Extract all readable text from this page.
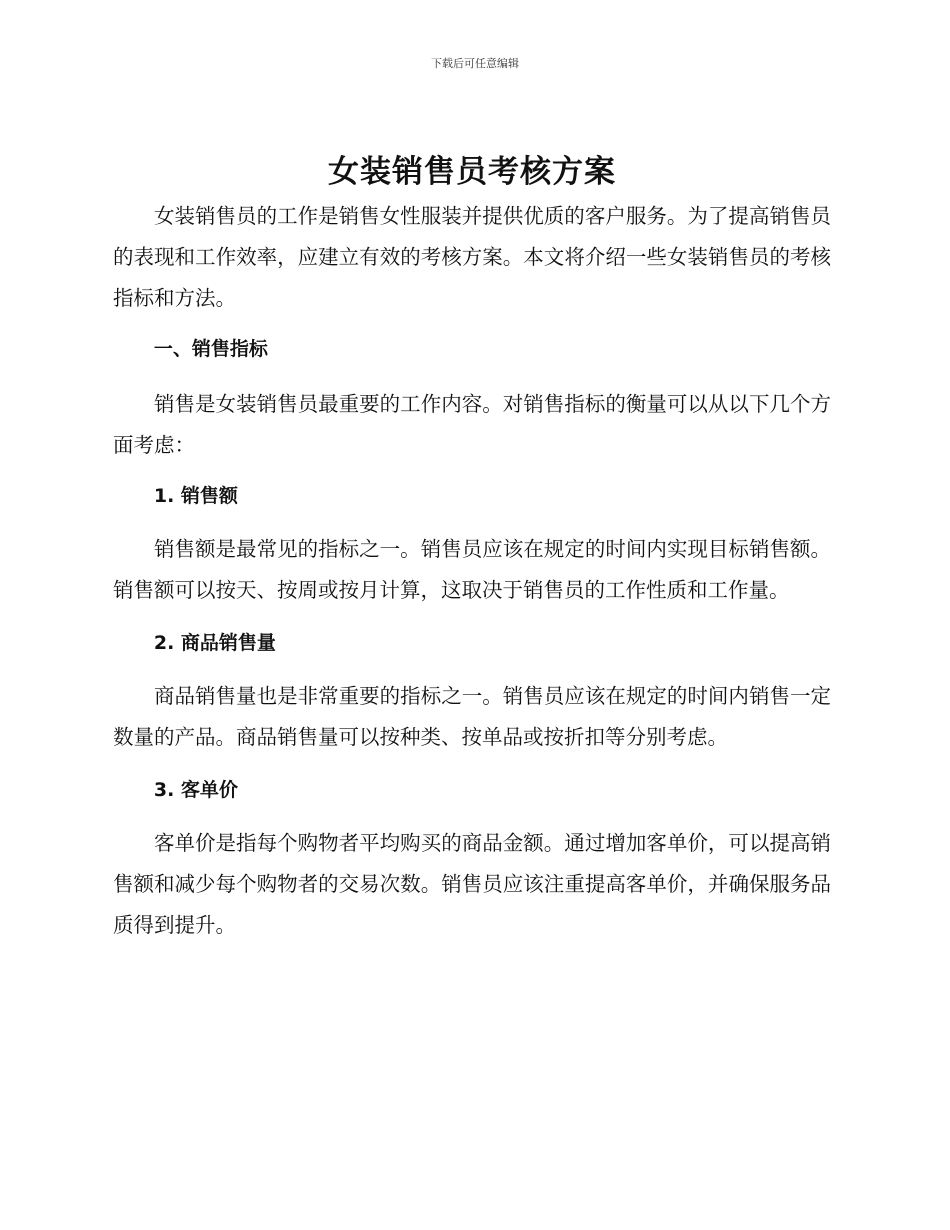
下载后可任意编辑
女装销售员考核方案

女装销售员的工作是销售女性服装并提供优质的客户服务。为了提高销售员的表现和工作效率，应建立有效的考核方案。本文将介绍一些女装销售员的考核指标和方法。

一、销售指标

销售是女装销售员最重要的工作内容。对销售指标的衡量可以从以下几个方面考虑：

1. 销售额

销售额是最常见的指标之一。销售员应该在规定的时间内实现目标销售额。销售额可以按天、按周或按月计算，这取决于销售员的工作性质和工作量。

2. 商品销售量

商品销售量也是非常重要的指标之一。销售员应该在规定的时间内销售一定数量的产品。商品销售量可以按种类、按单品或按折扣等分别考虑。

3. 客单价

客单价是指每个购物者平均购买的商品金额。通过增加客单价，可以提高销售额和减少每个购物者的交易次数。销售员应该注重提高客单价，并确保服务品质得到提升。
